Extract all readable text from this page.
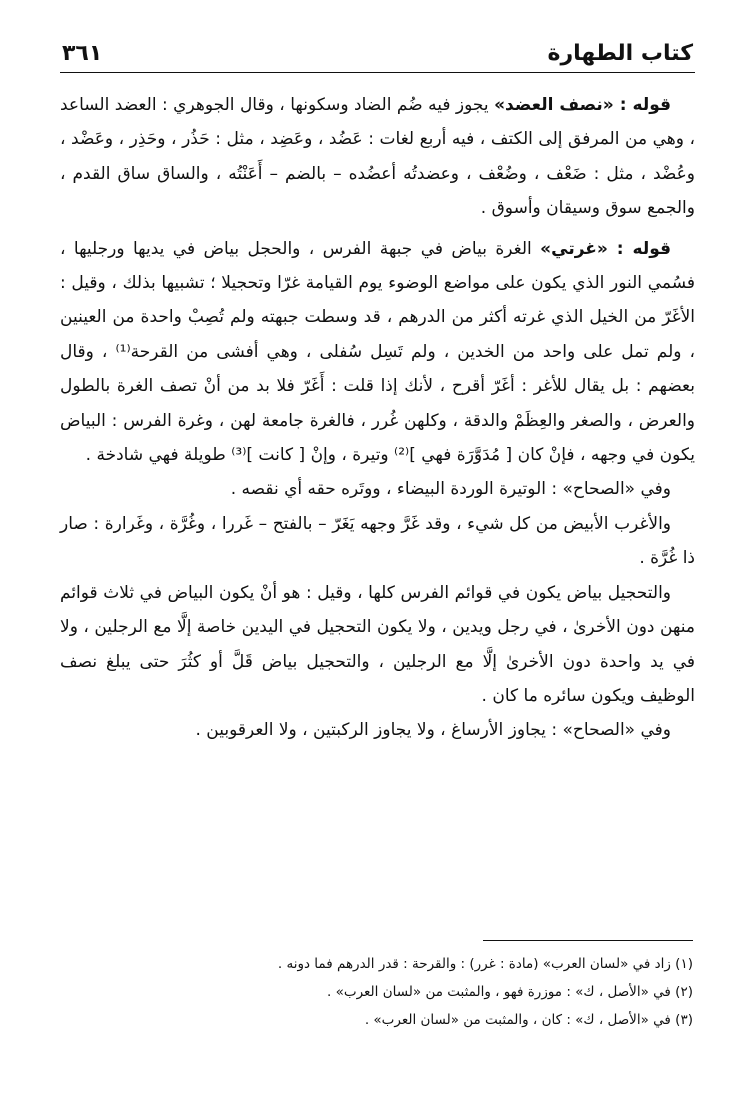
كتاب الطهارة
٣٦١

قوله : «نصف العضد» يجوز فيه ضُم الضاد وسكونها ، وقال الجوهري : العضد الساعد ، وهي من المرفق إلى الكتف ، فيه أربع لغات : عَضُد ، وعَضِد ، مثل : حَذُر ، وحَذِر ، وعَضْد ، وعُضْد ، مثل : ضَعْف ، وضُعْف ، وعضدتُه أعضُده – بالضم – أَعَنْتُه ، والساق ساق القدم ، والجمع سوق وسيقان وأسوق .

قوله : «غرتي» الغرة بياض في جبهة الفرس ، والحجل بياض في يديها ورجليها ، فسُمي النور الذي يكون على مواضع الوضوء يوم القيامة غرّا وتحجيلا ؛ تشبيها بذلك ، وقيل : الأغَرّ من الخيل الذي غرته أكثر من الدرهم ، قد وسطت جبهته ولم تُصِبْ واحدة من العينين ، ولم تمل على واحد من الخدين ، ولم تَسِل سُفلى ، وهي أفشى من القرحة⁽¹⁾ ، وقال بعضهم : بل يقال للأغر : أغَرّ أقرح ، لأنك إذا قلت : أَغَرّ فلا بد من أنْ تصف الغرة بالطول والعرض ، والصغر والعِظَمْ والدقة ، وكلهن غُرر ، فالغرة جامعة لهن ، وغرة الفرس : البياض يكون في وجهه ، فإنْ كان [ مُدَوَّرَة فهي ]⁽²⁾ وتيرة ، وإنْ [ كانت ]⁽³⁾ طويلة فهي شادخة .

وفي «الصحاح» : الوتيرة الوردة البيضاء ، ووتَره حقه أي نقصه .

والأغرب الأبيض من كل شيء ، وقد غَرَّ وجهه يَغَرّ – بالفتح – غَررا ، وغُرَّة ، وغَرارة : صار ذا غُرَّة .

والتحجيل بياض يكون في قوائم الفرس كلها ، وقيل : هو أنْ يكون البياض في ثلاث قوائم منهن دون الأخرىٰ ، في رجل ويدين ، ولا يكون التحجيل في اليدين خاصة إلَّا مع الرجلين ، ولا في يد واحدة دون الأخرىٰ إلَّا مع الرجلين ، والتحجيل بياض قَلَّ أو كثُرَ حتى يبلغ نصف الوظيف ويكون سائره ما كان .

وفي «الصحاح» : يجاوز الأرساغ ، ولا يجاوز الركبتين ، ولا العرقوبين .

(١) زاد في «لسان العرب» (مادة : غرر) : والقرحة : قدر الدرهم فما دونه .

(٢) في «الأصل ، ك» : موزرة فهو ، والمثبت من «لسان العرب» .

(٣) في «الأصل ، ك» : كان ، والمثبت من «لسان العرب» .
